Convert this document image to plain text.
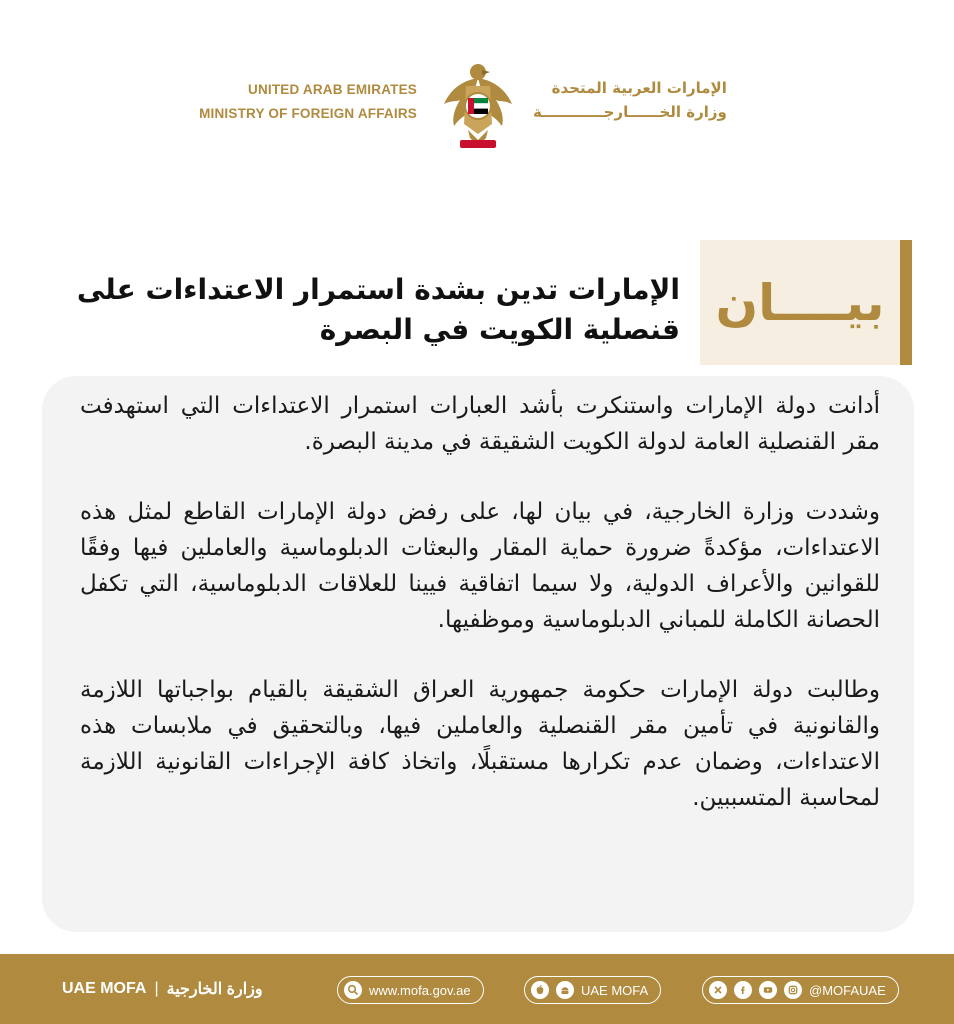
UNITED ARAB EMIRATES
MINISTRY OF FOREIGN AFFAIRS
الإمارات العربية المتحدة
وزارة الخــــــارجــــــــــــة
بيــــان
الإمارات تدين بشدة استمرار الاعتداءات على
قنصلية الكويت في البصرة

أدانت دولة الإمارات واستنكرت بأشد العبارات استمرار الاعتداءات التي استهدفت مقر القنصلية العامة لدولة الكويت الشقيقة في مدينة البصرة.

وشددت وزارة الخارجية، في بيان لها، على رفض دولة الإمارات القاطع لمثل هذه الاعتداءات، مؤكدةً ضرورة حماية المقار والبعثات الدبلوماسية والعاملين فيها وفقًا للقوانين والأعراف الدولية، ولا سيما اتفاقية فيينا للعلاقات الدبلوماسية، التي تكفل الحصانة الكاملة للمباني الدبلوماسية وموظفيها.

وطالبت دولة الإمارات حكومة جمهورية العراق الشقيقة بالقيام بواجباتها اللازمة والقانونية في تأمين مقر القنصلية والعاملين فيها، وبالتحقيق في ملابسات هذه الاعتداءات، وضمان عدم تكرارها مستقبلًا، واتخاذ كافة الإجراءات القانونية اللازمة لمحاسبة المتسببين.

UAE MOFA | وزارة الخارجية	www.mofa.gov.ae	UAE MOFA	@MOFAUAE
